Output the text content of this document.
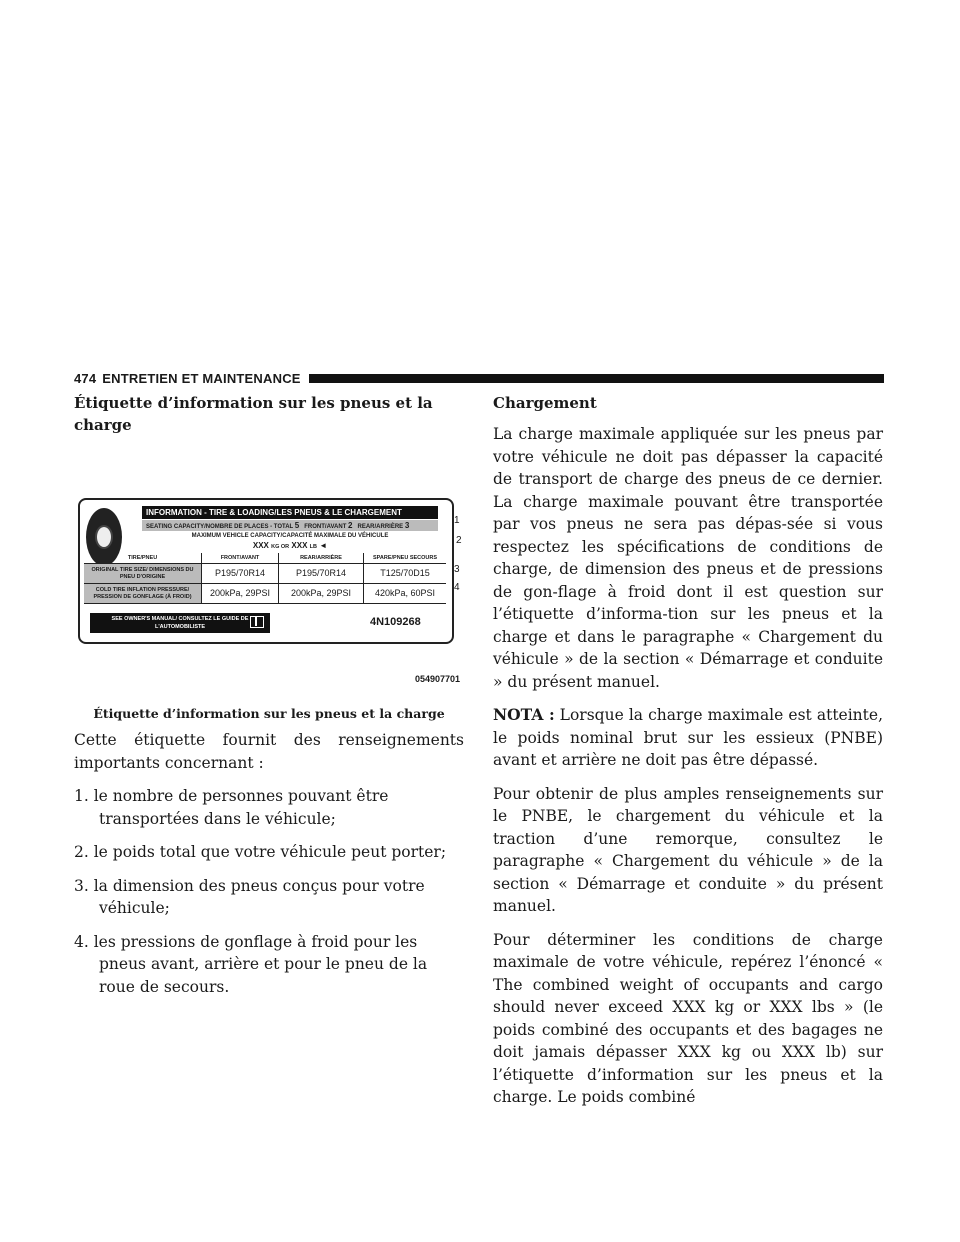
474 ENTRETIEN ET MAINTENANCE
Étiquette d’information sur les pneus et la charge
INFORMATION - TIRE & LOADING/LES PNEUS & LE CHARGEMENT
SEATING CAPACITY/NOMBRE DE PLACES - TOTAL 5 FRONT/AVANT 2 REAR/ARRIÈRE 3
MAXIMUM VEHICLE CAPACITY/CAPACITÉ MAXIMALE DU VÉHICULE
XXX KG OR XXX LB ◄
TIRE/PNEU	FRONT/AVANT	REAR/ARRIÈRE	SPARE/PNEU SECOURS
ORIGINAL TIRE SIZE/ DIMENSIONS DU PNEU D'ORIGINE	P195/70R14	P195/70R14	T125/70D15
COLD TIRE INFLATION PRESSURE/ PRESSION DE GONFLAGE (À FROID)	200kPa, 29PSI	200kPa, 29PSI	420kPa, 60PSI
SEE OWNER'S MANUAL/ CONSULTEZ LE GUIDE DE L'AUTOMOBILISTE	4N109268
1
2
3
4
054907701
Étiquette d’information sur les pneus et la charge

Cette étiquette fournit des renseignements importants concernant :

1. le nombre de personnes pouvant être transportées dans le véhicule;
2. le poids total que votre véhicule peut porter;
3. la dimension des pneus conçus pour votre véhicule;
4. les pressions de gonflage à froid pour les pneus avant, arrière et pour le pneu de la roue de secours.
Chargement

La charge maximale appliquée sur les pneus par votre véhicule ne doit pas dépasser la capacité de transport de charge des pneus de ce dernier. La charge maximale pouvant être transportée par vos pneus ne sera pas dépas-sée si vous respectez les spécifications de conditions de charge, de dimension des pneus et de pressions de gon-flage à froid dont il est question sur l’étiquette d’informa-tion sur les pneus et la charge et dans le paragraphe « Chargement du véhicule » de la section « Démarrage et conduite » du présent manuel.

NOTA : Lorsque la charge maximale est atteinte, le poids nominal brut sur les essieux (PNBE) avant et arrière ne doit pas être dépassé.

Pour obtenir de plus amples renseignements sur le PNBE, le chargement du véhicule et la traction d’une remorque, consultez le paragraphe « Chargement du véhicule » de la section « Démarrage et conduite » du présent manuel.

Pour déterminer les conditions de charge maximale de votre véhicule, repérez l’énoncé « The combined weight of occupants and cargo should never exceed XXX kg or XXX lbs » (le poids combiné des occupants et des bagages ne doit jamais dépasser XXX kg ou XXX lb) sur l’étiquette d’information sur les pneus et la charge. Le poids combiné
